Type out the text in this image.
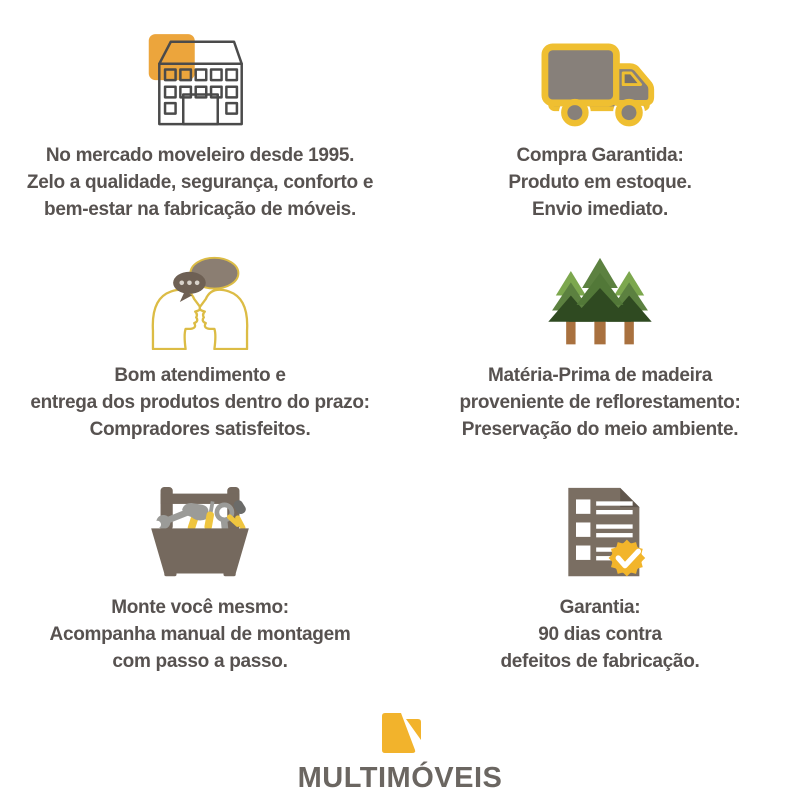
No mercado moveleiro desde 1995.
Zelo a qualidade, segurança, conforto e
bem-estar na fabricação de móveis.

Compra Garantida:
Produto em estoque.
Envio imediato.

Bom atendimento e
entrega dos produtos dentro do prazo:
Compradores satisfeitos.

Matéria-Prima de madeira
proveniente de reflorestamento:
Preservação do meio ambiente.

Monte você mesmo:
Acompanha manual de montagem
com passo a passo.

Garantia:
90 dias contra
defeitos de fabricação.

MULTIMÓVEIS
